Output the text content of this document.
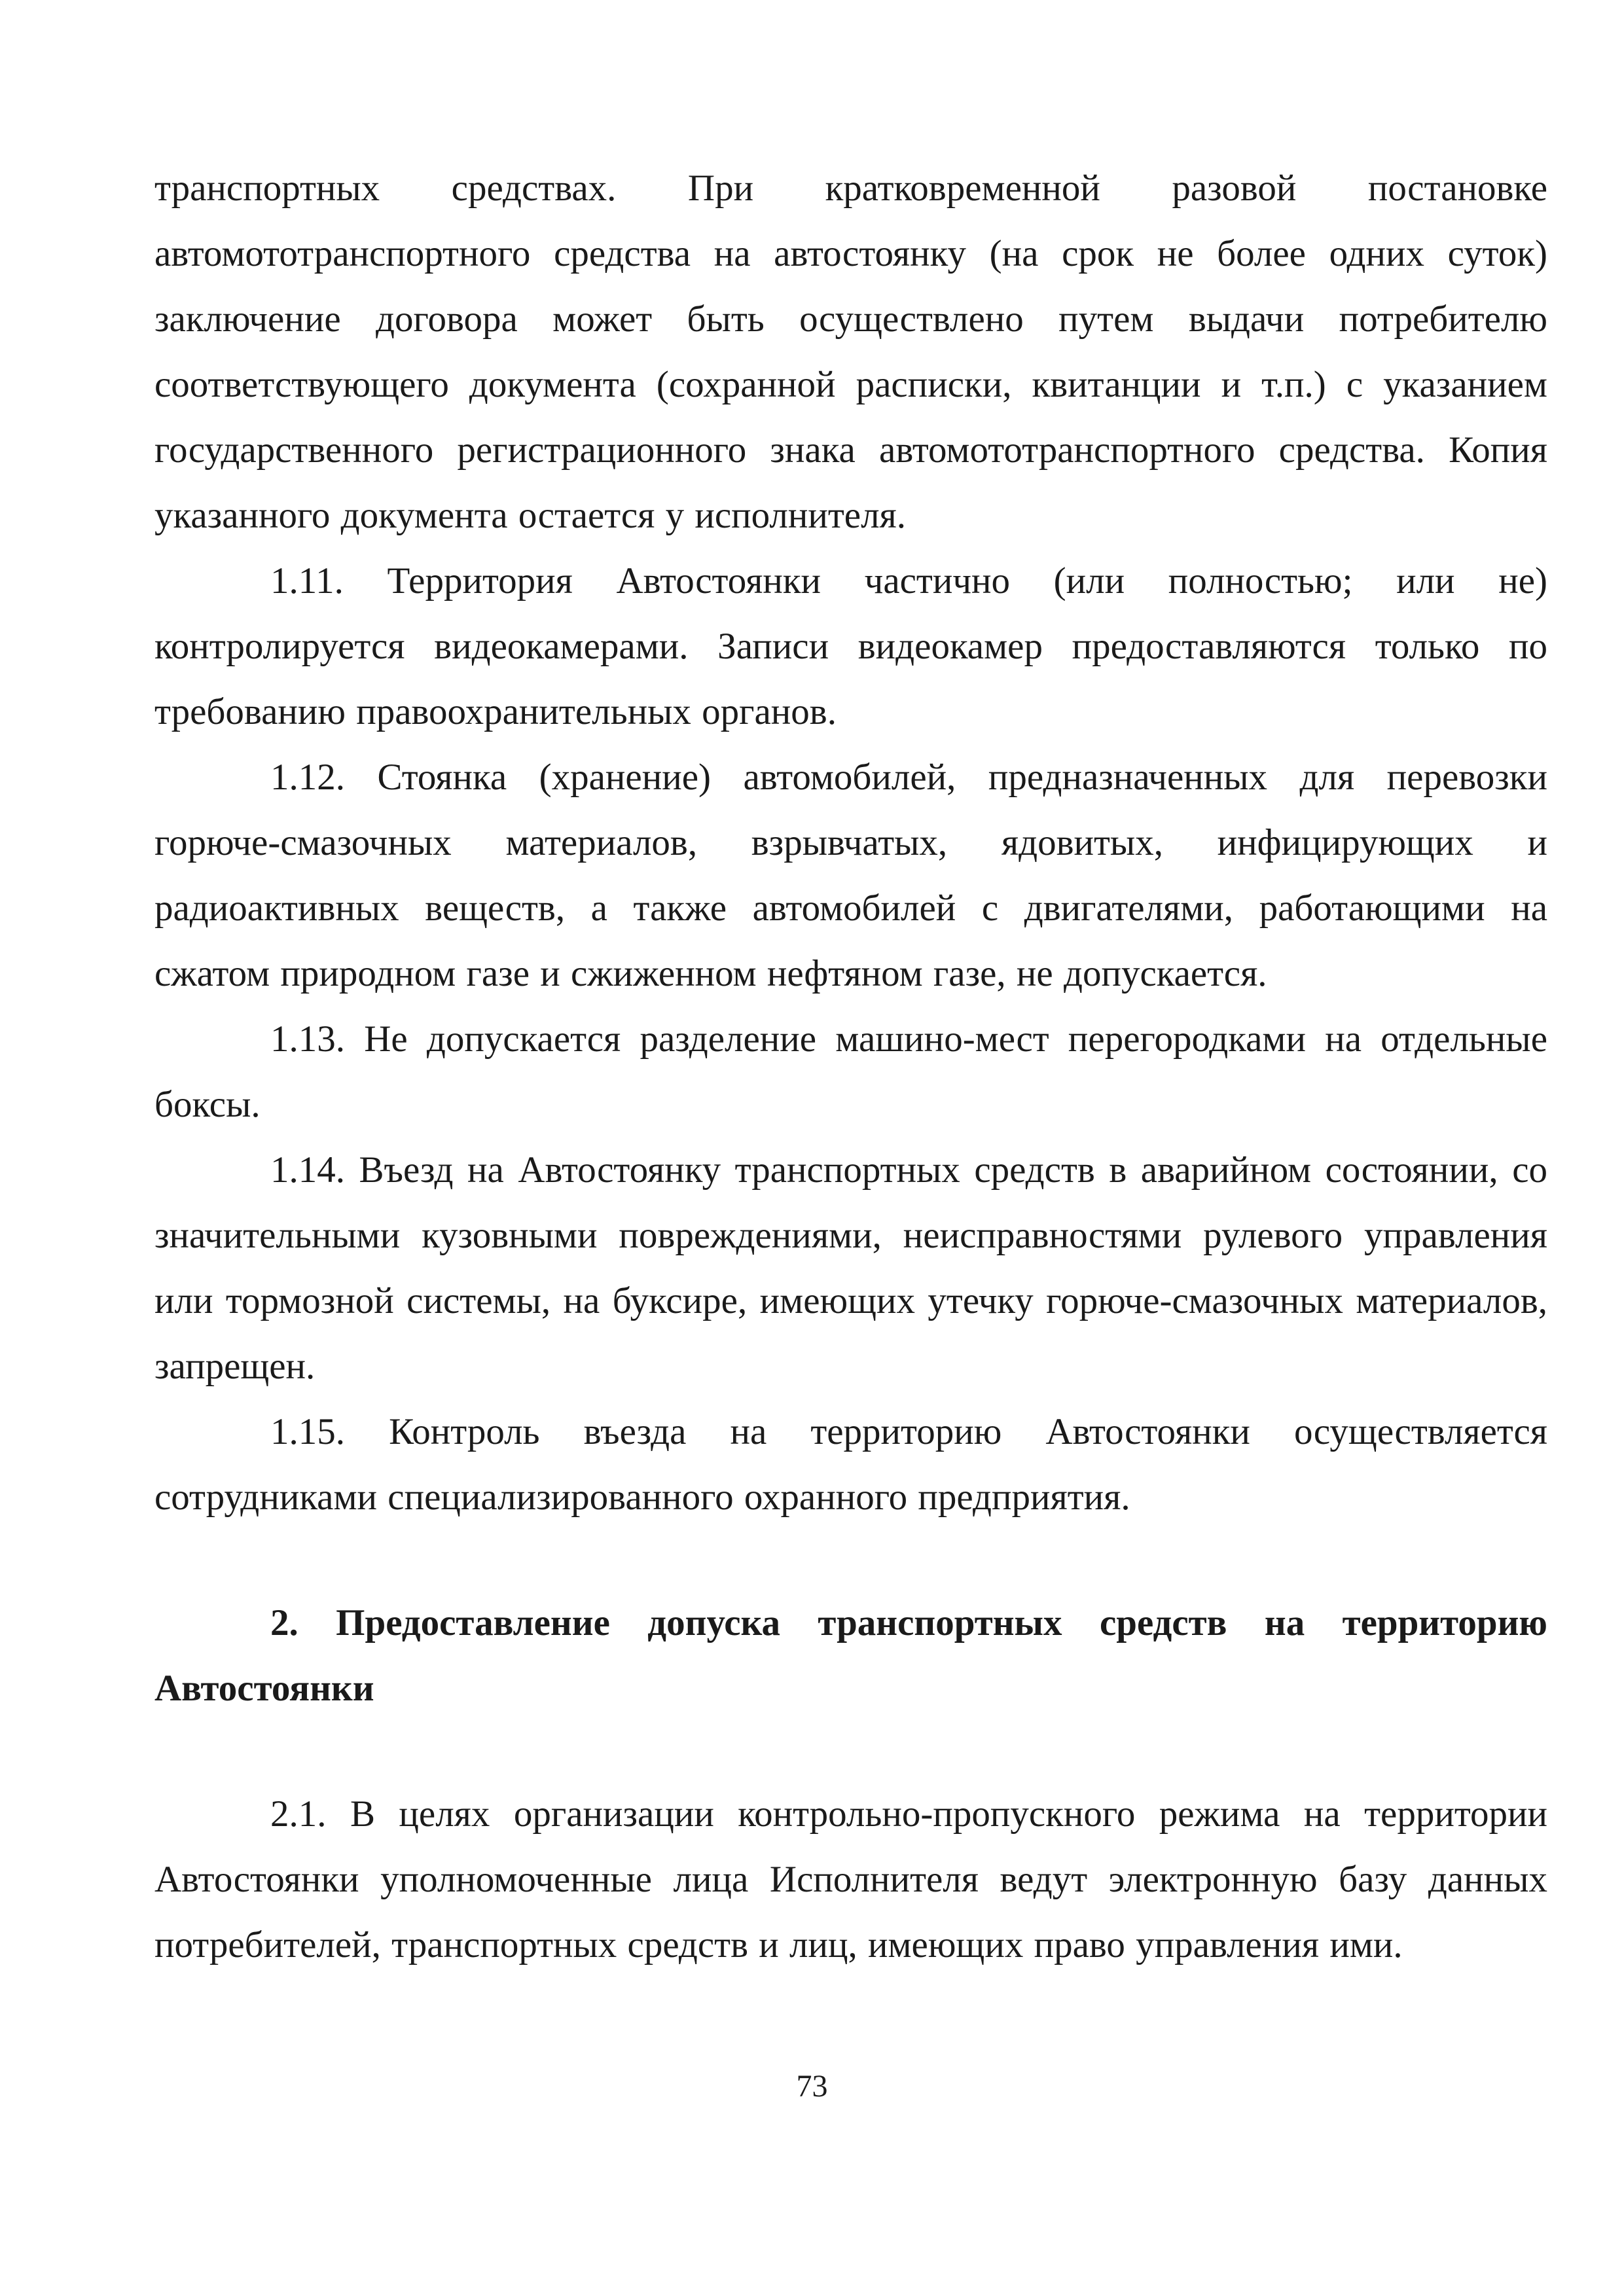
транспортных средствах. При кратковременной разовой постановке автомототранспортного средства на автостоянку (на срок не более одних суток) заключение договора может быть осуществлено путем выдачи потребителю соответствующего документа (сохранной расписки, квитанции и т.п.) с указанием государственного регистрационного знака автомототранспортного средства. Копия указанного документа остается у исполнителя.

1.11. Территория Автостоянки частично (или полностью; или не) контролируется видеокамерами. Записи видеокамер предоставляются только по требованию правоохранительных органов.

1.12. Стоянка (хранение) автомобилей, предназначенных для перевозки горюче-смазочных материалов, взрывчатых, ядовитых, инфицирующих и радиоактивных веществ, а также автомобилей с двигателями, работающими на сжатом природном газе и сжиженном нефтяном газе, не допускается.

1.13. Не допускается разделение машино-мест перегородками на отдельные боксы.

1.14. Въезд на Автостоянку транспортных средств в аварийном состоянии, со значительными кузовными повреждениями, неисправностями рулевого управления или тормозной системы, на буксире, имеющих утечку горюче-смазочных материалов, запрещен.

1.15. Контроль въезда на территорию Автостоянки осуществляется сотрудниками специализированного охранного предприятия.

2. Предоставление допуска транспортных средств на территорию Автостоянки

2.1. В целях организации контрольно-пропускного режима на территории Автостоянки уполномоченные лица Исполнителя ведут электронную базу данных потребителей, транспортных средств и лиц, имеющих право управления ими.

73
